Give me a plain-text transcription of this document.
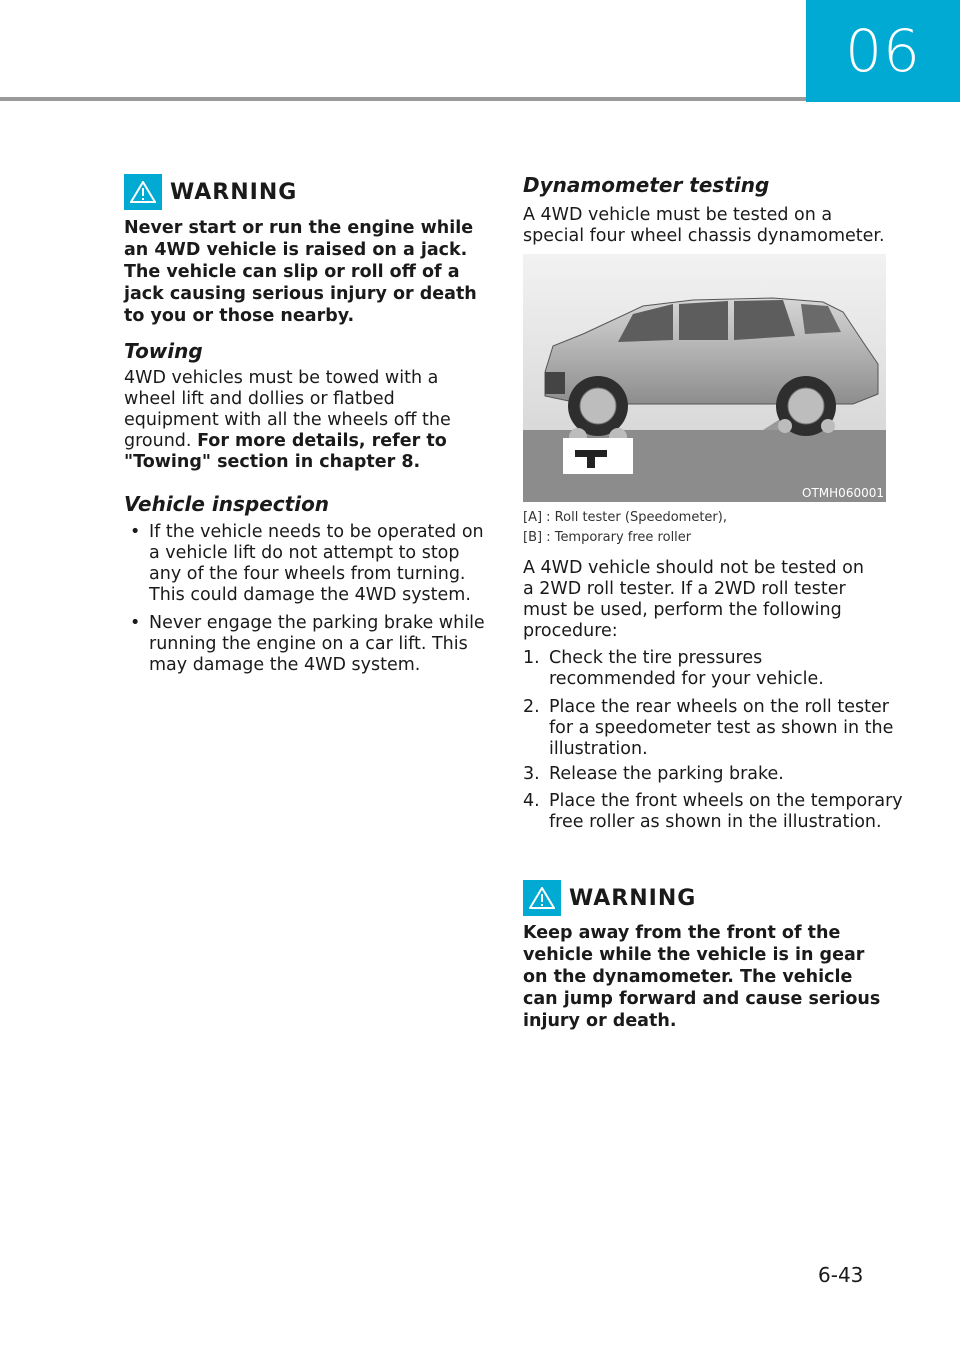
06
WARNING
Never start or run the engine while an 4WD vehicle is raised on a jack. The vehicle can slip or roll off of a jack causing serious injury or death to you or those nearby.
Towing

4WD vehicles must be towed with a wheel lift and dollies or flatbed equipment with all the wheels off the ground. For more details, refer to "Towing" section in chapter 8.

Vehicle inspection
• If the vehicle needs to be operated on a vehicle lift do not attempt to stop any of the four wheels from turning. This could damage the 4WD system.
• Never engage the parking brake while running the engine on a car lift. This may damage the 4WD system.
Dynamometer testing

A 4WD vehicle must be tested on a special four wheel chassis dynamometer.

[A] : Roll tester (Speedometer),
[B] : Temporary free roller

A 4WD vehicle should not be tested on a 2WD roll tester. If a 2WD roll tester must be used, perform the following procedure:

1. Check the tire pressures recommended for your vehicle.
2. Place the rear wheels on the roll tester for a speedometer test as shown in the illustration.
3. Release the parking brake.
4. Place the front wheels on the temporary free roller as shown in the illustration.
WARNING
Keep away from the front of the vehicle while the vehicle is in gear on the dynamometer. The vehicle can jump forward and cause serious injury or death.
OTMH060001
6-43
